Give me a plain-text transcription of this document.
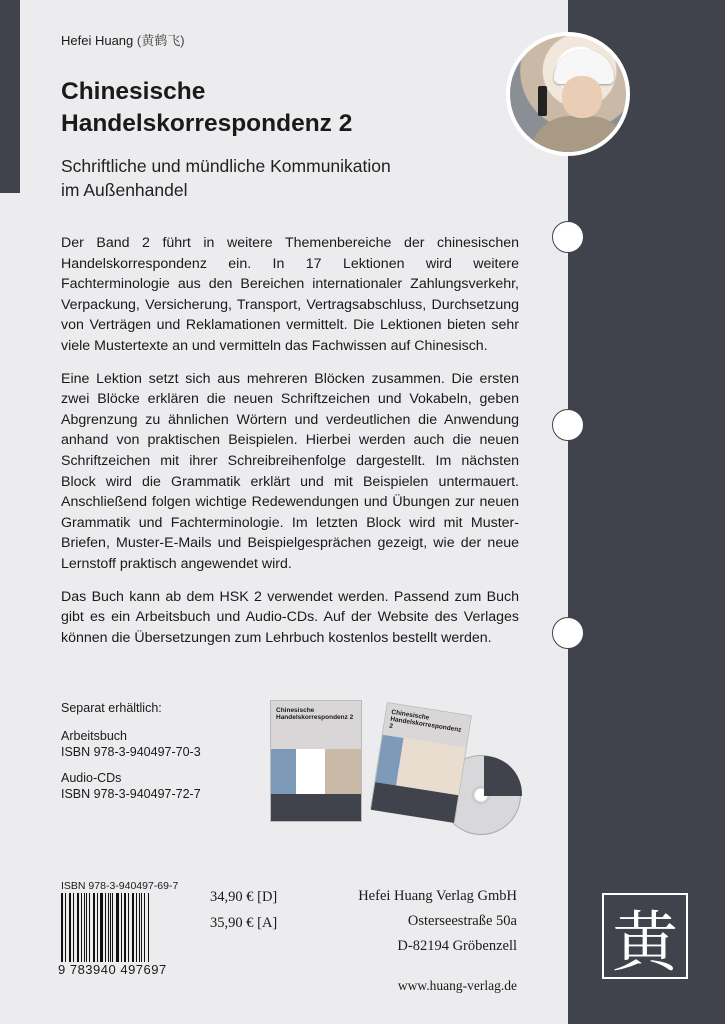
Hefei Huang (黄鹤飞)
Chinesische
Handelskorrespondenz 2
Schriftliche und mündliche Kommunikation
im Außenhandel

Der Band 2 führt in weitere Themenbereiche der chinesischen Handelskorrespondenz ein. In 17 Lektionen wird weitere Fachterminologie aus den Bereichen internationaler Zahlungsverkehr, Verpackung, Versicherung, Transport, Vertragsabschluss, Durchsetzung von Verträgen und Reklamationen vermittelt. Die Lektionen bieten sehr viele Mustertexte an und vermitteln das Fachwissen auf Chinesisch.

Eine Lektion setzt sich aus mehreren Blöcken zusammen. Die ersten zwei Blöcke erklären die neuen Schriftzeichen und Vokabeln, geben Abgrenzung zu ähnlichen Wörtern und verdeutlichen die Anwendung anhand von praktischen Beispielen. Hierbei werden auch die neuen Schriftzeichen mit ihrer Schreibreihenfolge dargestellt. Im nächsten Block wird die Grammatik erklärt und mit Beispielen untermauert. Anschließend folgen wichtige Redewendungen und Übungen zur neuen Grammatik und Fachterminologie. Im letzten Block wird mit Muster-Briefen, Muster-E-Mails und Beispielgesprächen gezeigt, wie der neue Lernstoff praktisch angewendet wird.

Das Buch kann ab dem HSK 2 verwendet werden. Passend zum Buch gibt es ein Arbeitsbuch und Audio-CDs. Auf der Website des Verlages können die Übersetzungen zum Lehrbuch kostenlos bestellt werden.

Separat erhältlich:
Arbeitsbuch
ISBN 978-3-940497-70-3
Audio-CDs
ISBN 978-3-940497-72-7
Chinesische Handelskorrespondenz 2	Chinesische Handelskorrespondenz 2
ISBN 978-3-940497-69-7
9 783940 497697
34,90 € [D]
35,90 € [A]
Hefei Huang Verlag GmbH
Osterseestraße 50a
D-82194 Gröbenzell
www.huang-verlag.de
黄
